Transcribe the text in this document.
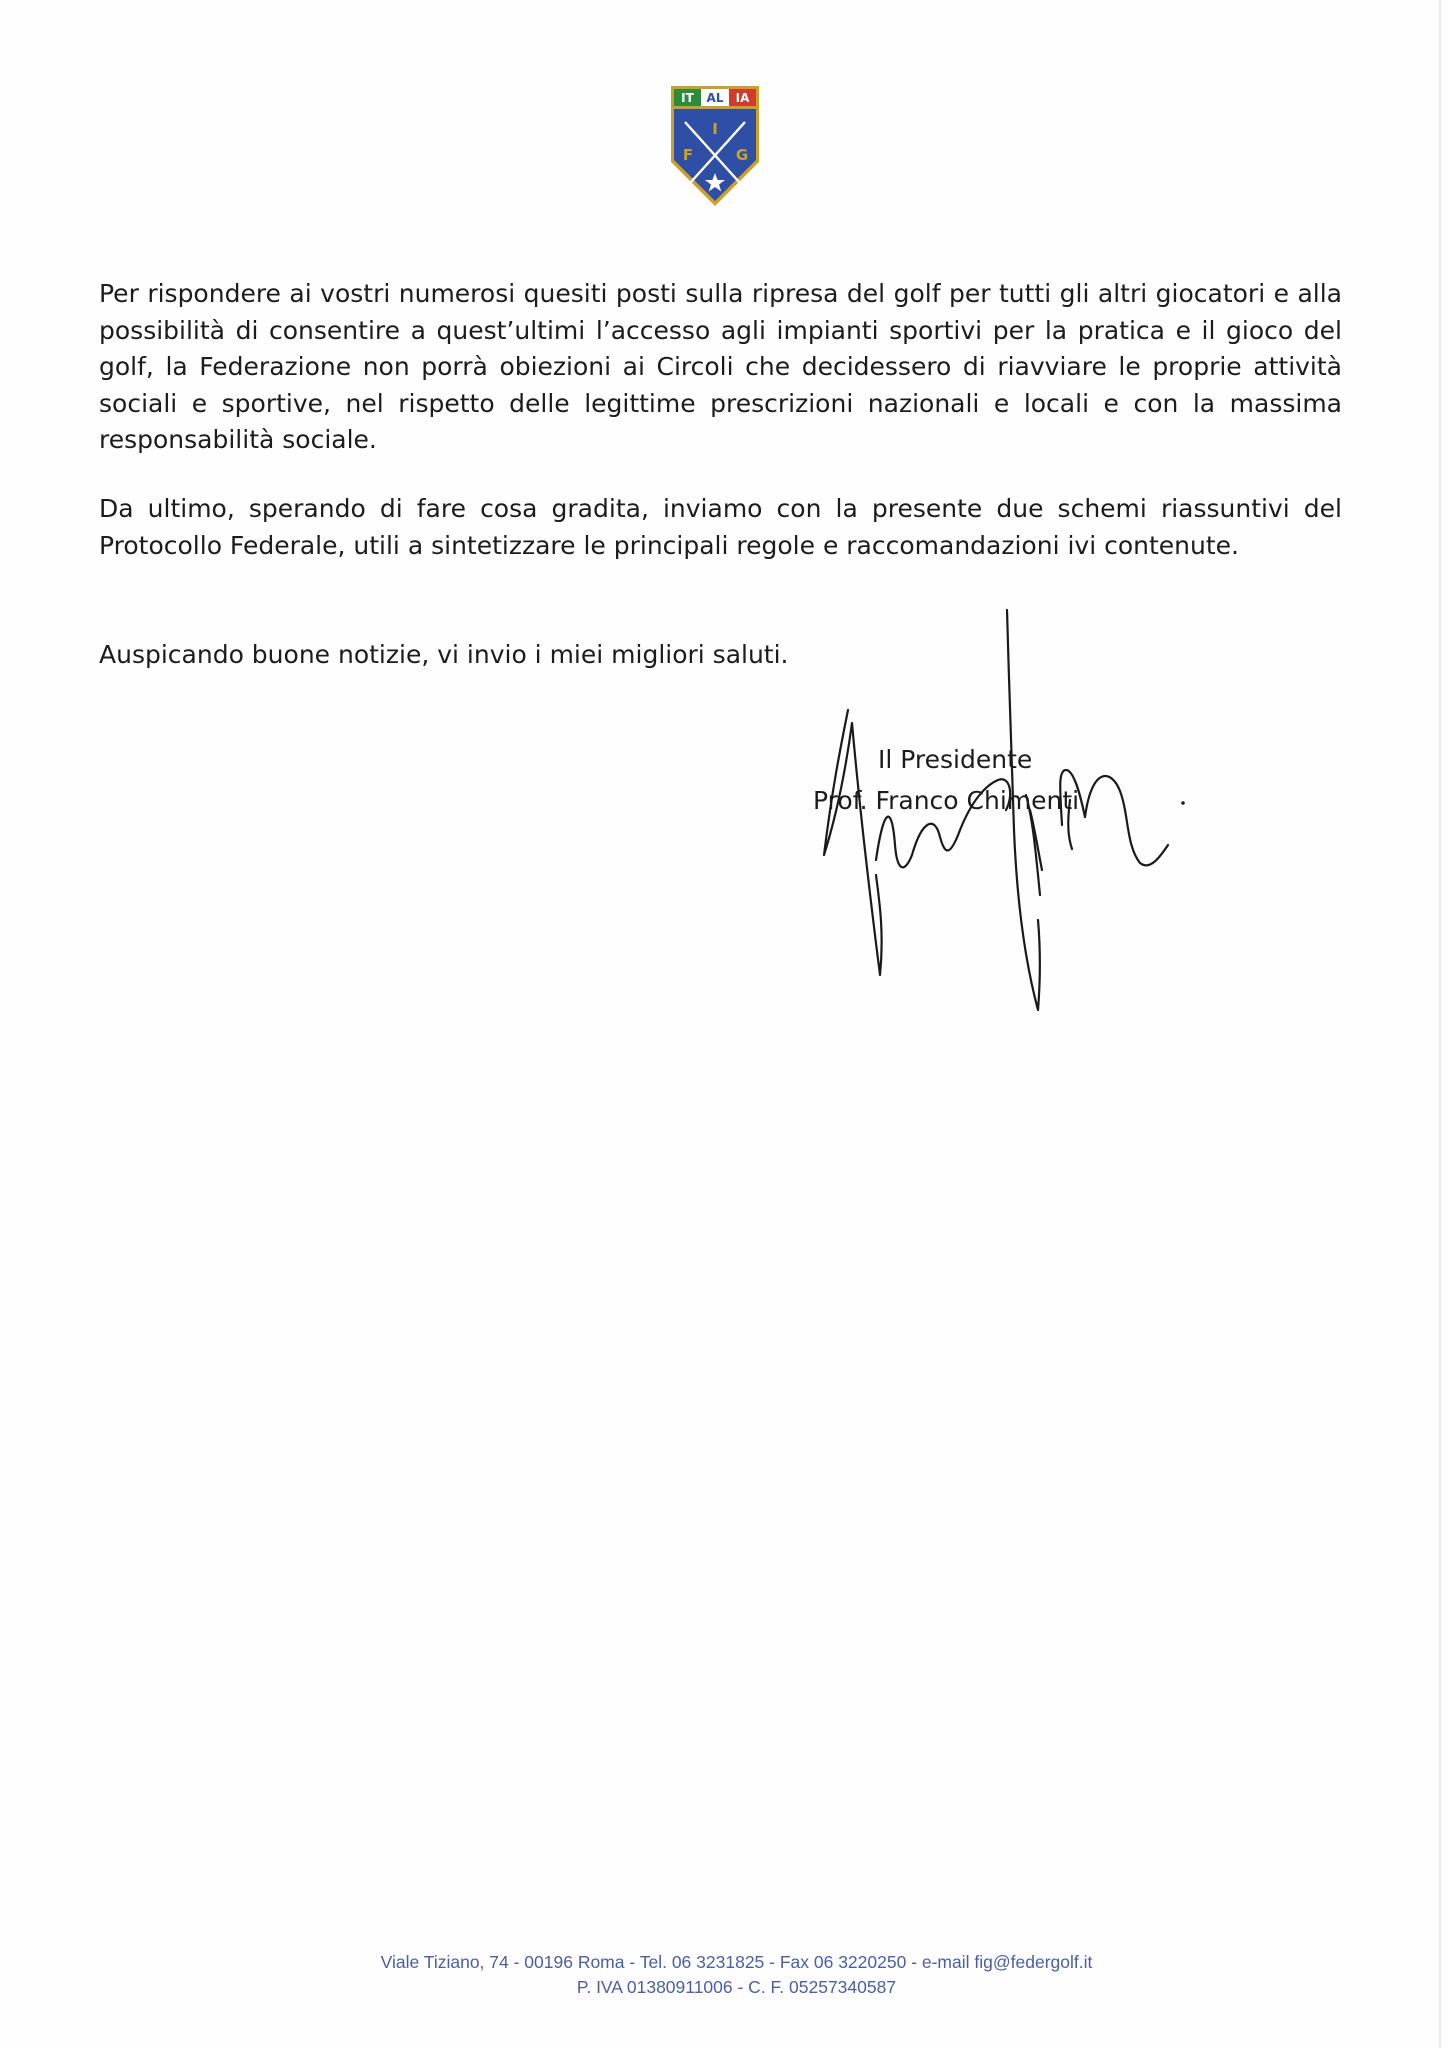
IT AL IA
I
F	G

Per rispondere ai vostri numerosi quesiti posti sulla ripresa del golf per tutti gli altri giocatori e alla possibilità di consentire a quest’ultimi l’accesso agli impianti sportivi per la pratica e il gioco del golf, la Federazione non porrà obiezioni ai Circoli che decidessero di riavviare le proprie attività sociali e sportive, nel rispetto delle legittime prescrizioni nazionali e locali e con la massima responsabilità sociale.

Da ultimo, sperando di fare cosa gradita, inviamo con la presente due schemi riassuntivi del Protocollo Federale, utili a sintetizzare le principali regole e raccomandazioni ivi contenute.

Auspicando buone notizie, vi invio i miei migliori saluti.

Il Presidente
Prof. Franco Chimenti
Viale Tiziano, 74 - 00196 Roma - Tel. 06 3231825 - Fax 06 3220250 - e-mail fig@federgolf.it
P. IVA 01380911006 - C. F. 05257340587
